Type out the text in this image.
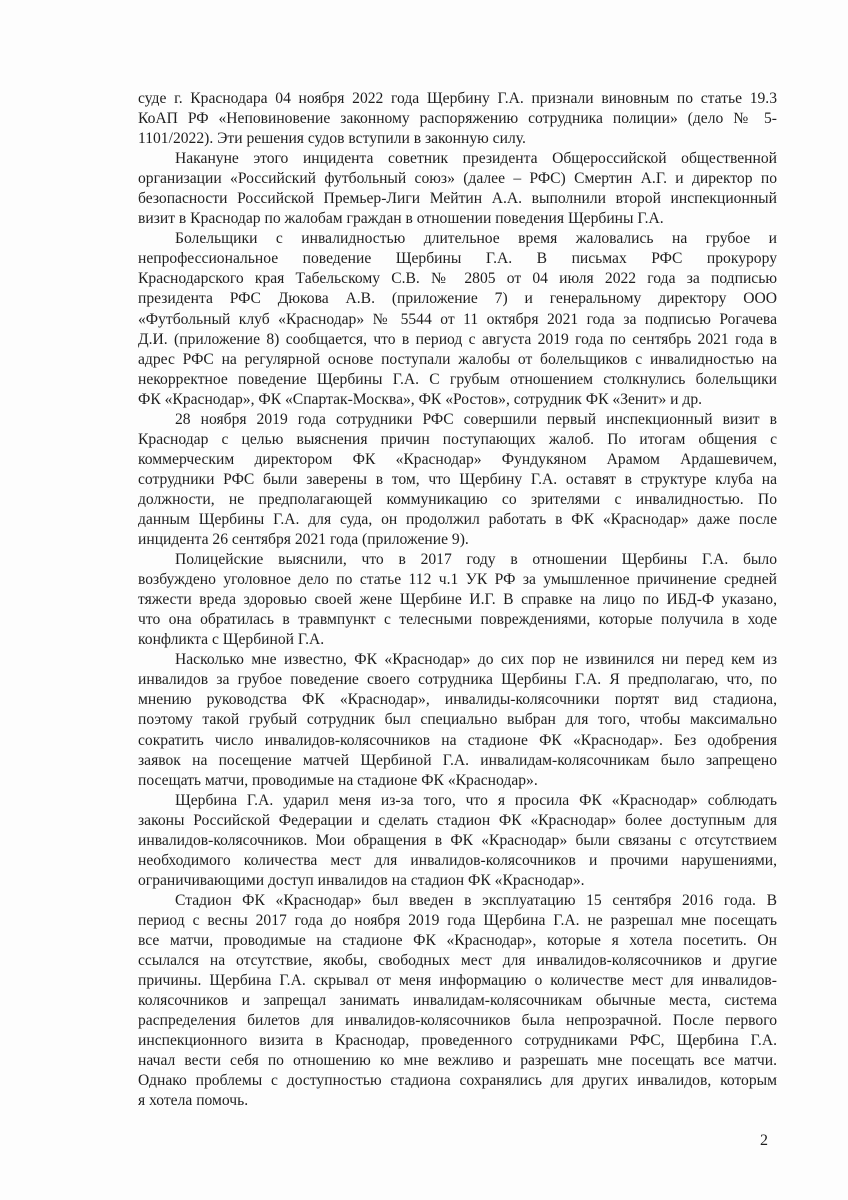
суде г. Краснодара 04 ноября 2022 года Щербину Г.А. признали виновным по статье 19.3
КоАП РФ «Неповиновение законному распоряжению сотрудника полиции» (дело № 5-
1101/2022). Эти решения судов вступили в законную силу.
Накануне этого инцидента советник президента Общероссийской общественной
организации «Российский футбольный союз» (далее – РФС) Смертин А.Г. и директор по
безопасности Российской Премьер-Лиги Мейтин А.А. выполнили второй инспекционный
визит в Краснодар по жалобам граждан в отношении поведения Щербины Г.А.
Болельщики с инвалидностью длительное время жаловались на грубое и
непрофессиональное поведение Щербины Г.А. В письмах РФС прокурору
Краснодарского края Табельскому С.В. № 2805 от 04 июля 2022 года за подписью
президента РФС Дюкова А.В. (приложение 7) и генеральному директору ООО
«Футбольный клуб «Краснодар» № 5544 от 11 октября 2021 года за подписью Рогачева
Д.И. (приложение 8) сообщается, что в период с августа 2019 года по сентябрь 2021 года в
адрес РФС на регулярной основе поступали жалобы от болельщиков с инвалидностью на
некорректное поведение Щербины Г.А. С грубым отношением столкнулись болельщики
ФК «Краснодар», ФК «Спартак-Москва», ФК «Ростов», сотрудник ФК «Зенит» и др.
28 ноября 2019 года сотрудники РФС совершили первый инспекционный визит в
Краснодар с целью выяснения причин поступающих жалоб. По итогам общения с
коммерческим директором ФК «Краснодар» Фундукяном Арамом Ардашевичем,
сотрудники РФС были заверены в том, что Щербину Г.А. оставят в структуре клуба на
должности, не предполагающей коммуникацию со зрителями с инвалидностью. По
данным Щербины Г.А. для суда, он продолжил работать в ФК «Краснодар» даже после
инцидента 26 сентября 2021 года (приложение 9).
Полицейские выяснили, что в 2017 году в отношении Щербины Г.А. было
возбуждено уголовное дело по статье 112 ч.1 УК РФ за умышленное причинение средней
тяжести вреда здоровью своей жене Щербине И.Г. В справке на лицо по ИБД-Ф указано,
что она обратилась в травмпункт с телесными повреждениями, которые получила в ходе
конфликта с Щербиной Г.А.
Насколько мне известно, ФК «Краснодар» до сих пор не извинился ни перед кем из
инвалидов за грубое поведение своего сотрудника Щербины Г.А. Я предполагаю, что, по
мнению руководства ФК «Краснодар», инвалиды-колясочники портят вид стадиона,
поэтому такой грубый сотрудник был специально выбран для того, чтобы максимально
сократить число инвалидов-колясочников на стадионе ФК «Краснодар». Без одобрения
заявок на посещение матчей Щербиной Г.А. инвалидам-колясочникам было запрещено
посещать матчи, проводимые на стадионе ФК «Краснодар».
Щербина Г.А. ударил меня из-за того, что я просила ФК «Краснодар» соблюдать
законы Российской Федерации и сделать стадион ФК «Краснодар» более доступным для
инвалидов-колясочников. Мои обращения в ФК «Краснодар» были связаны с отсутствием
необходимого количества мест для инвалидов-колясочников и прочими нарушениями,
ограничивающими доступ инвалидов на стадион ФК «Краснодар».
Стадион ФК «Краснодар» был введен в эксплуатацию 15 сентября 2016 года. В
период с весны 2017 года до ноября 2019 года Щербина Г.А. не разрешал мне посещать
все матчи, проводимые на стадионе ФК «Краснодар», которые я хотела посетить. Он
ссылался на отсутствие, якобы, свободных мест для инвалидов-колясочников и другие
причины. Щербина Г.А. скрывал от меня информацию о количестве мест для инвалидов-
колясочников и запрещал занимать инвалидам-колясочникам обычные места, система
распределения билетов для инвалидов-колясочников была непрозрачной. После первого
инспекционного визита в Краснодар, проведенного сотрудниками РФС, Щербина Г.А.
начал вести себя по отношению ко мне вежливо и разрешать мне посещать все матчи.
Однако проблемы с доступностью стадиона сохранялись для других инвалидов, которым
я хотела помочь.
2
